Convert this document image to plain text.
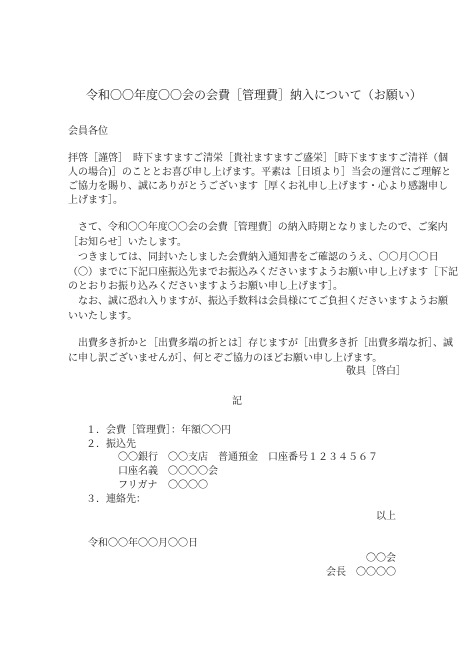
令和〇〇年度〇〇会の会費［管理費］納入について（お願い）
会員各位
拝啓［謹啓］　時下ますますご清栄［貴社ますますご盛栄］［時下ますますご清祥（個
人の場合)］のこととお喜び申し上げます。平素は［日頃より］当会の運営にご理解と
ご協力を賜り、誠にありがとうございます［厚くお礼申し上げます・心より感謝申し
上げます］。
　さて、令和〇〇年度〇〇会の会費［管理費］の納入時期となりましたので、ご案内
［お知らせ］いたします。
　つきましては、同封いたしました会費納入通知書をご確認のうえ、〇〇月〇〇日
（〇）までに下記口座振込先までお振込みくださいますようお願い申し上げます［下記
のとおりお振り込みくださいますようお願い申し上げます］。
　なお、誠に恐れ入りますが、振込手数料は会員様にてご負担くださいますようお願
いいたします。
　出費多き折かと［出費多端の折とは］存じますが［出費多き折［出費多端な折］、誠
に申し訳ございませんが］、何とぞご協力のほどお願い申し上げます。
敬具［啓白］
記
１．会費［管理費］：年額〇〇円
２．振込先
〇〇銀行　〇〇支店　普通預金　口座番号１２３４５６７
口座名義 〇〇〇〇会
フリガナ 〇〇〇〇
３．連絡先：
以上
令和〇〇年〇〇月〇〇日
〇〇会
会長　〇〇〇〇
